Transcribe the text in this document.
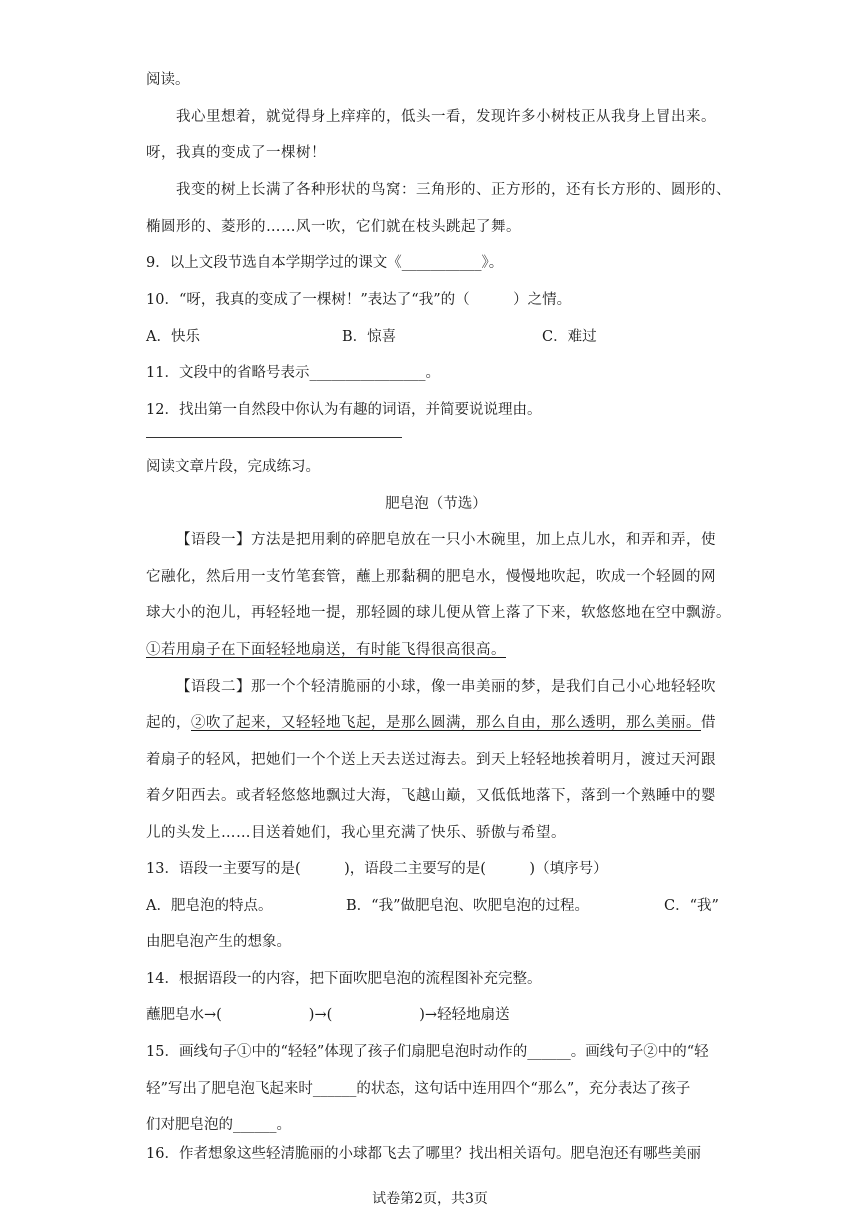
阅读。
我心里想着，就觉得身上痒痒的，低头一看，发现许多小树枝正从我身上冒出来。
呀，我真的变成了一棵树！
我变的树上长满了各种形状的鸟窝：三角形的、正方形的，还有长方形的、圆形的、
椭圆形的、菱形的……风一吹，它们就在枝头跳起了舞。
9．以上文段节选自本学期学过的课文《___________》。
10．“呀，我真的变成了一棵树！”表达了“我”的（　　　）之情。
A．快乐	B．惊喜	C．难过
11．文段中的省略号表示________________。
12．找出第一自然段中你认为有趣的词语，并简要说说理由。
阅读文章片段，完成练习。
肥皂泡（节选）
【语段一】方法是把用剩的碎肥皂放在一只小木碗里，加上点儿水，和弄和弄，使
它融化，然后用一支竹笔套管，蘸上那黏稠的肥皂水，慢慢地吹起，吹成一个轻圆的网
球大小的泡儿，再轻轻地一提，那轻圆的球儿便从管上落了下来，软悠悠地在空中飘游。
①若用扇子在下面轻轻地扇送，有时能飞得很高很高。
【语段二】那一个个轻清脆丽的小球，像一串美丽的梦，是我们自己小心地轻轻吹
起的，②吹了起来，又轻轻地飞起，是那么圆满，那么自由，那么透明，那么美丽。借
着扇子的轻风，把她们一个个送上天去送过海去。到天上轻轻地挨着明月，渡过天河跟
着夕阳西去。或者轻悠悠地飘过大海，飞越山巅，又低低地落下，落到一个熟睡中的婴
儿的头发上……目送着她们，我心里充满了快乐、骄傲与希望。
13．语段一主要写的是(　　　)，语段二主要写的是(　　　)（填序号）
A．肥皂泡的特点。	B．“我”做肥皂泡、吹肥皂泡的过程。	C．“我”
由肥皂泡产生的想象。
14．根据语段一的内容，把下面吹肥皂泡的流程图补充完整。
蘸肥皂水→(　　　　　　)→(　　　　　　)→轻轻地扇送
15．画线句子①中的“轻轻”体现了孩子们扇肥皂泡时动作的______。画线句子②中的“轻
轻”写出了肥皂泡飞起来时______的状态，这句话中连用四个“那么”，充分表达了孩子
们对肥皂泡的______。
16．作者想象这些轻清脆丽的小球都飞去了哪里？找出相关语句。肥皂泡还有哪些美丽
试卷第2页，共3页
